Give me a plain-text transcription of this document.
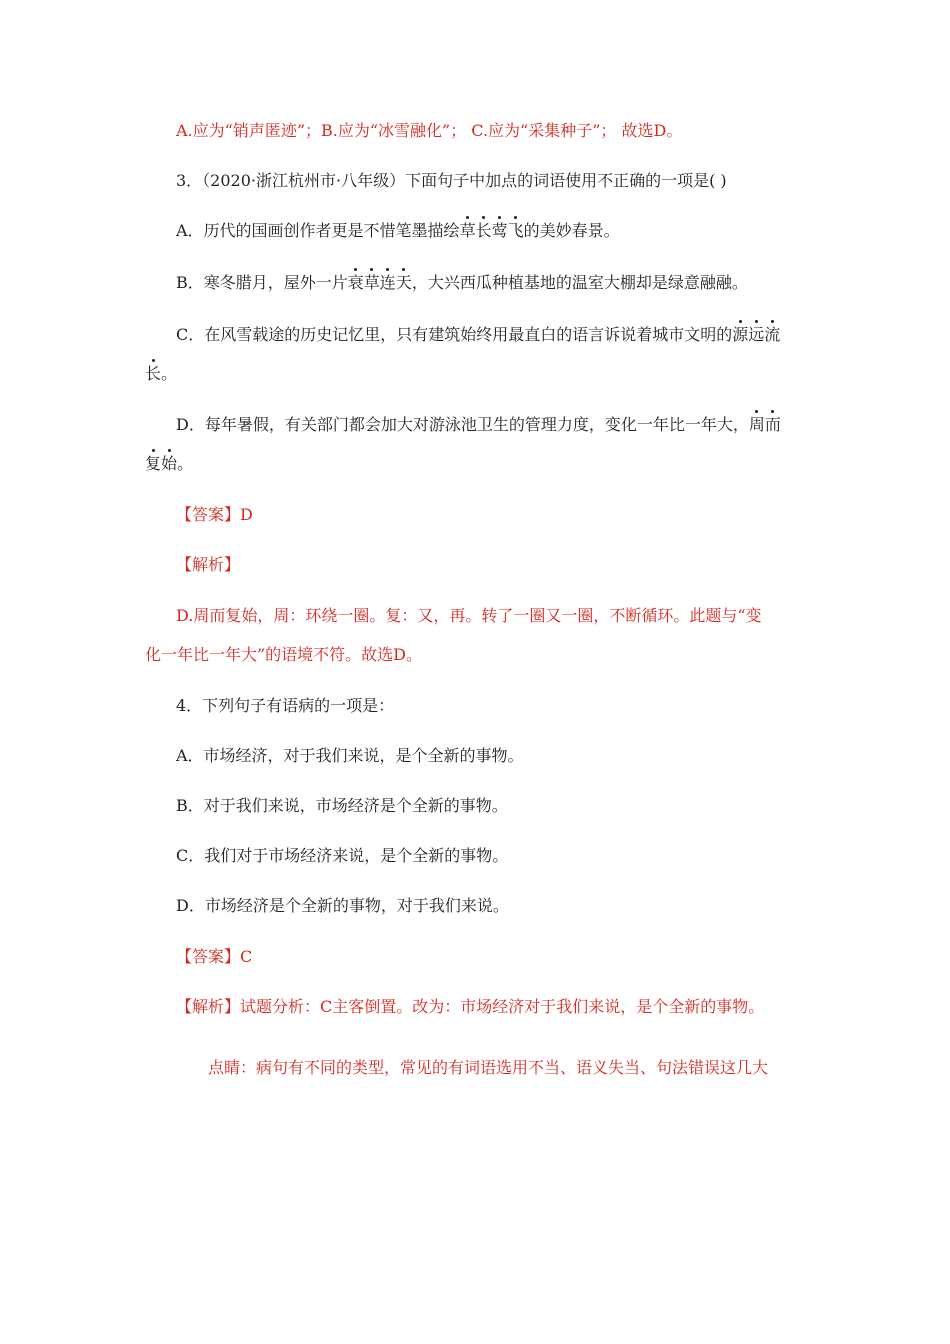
A.应为“销声匿迹”；B.应为“冰雪融化”； C.应为“采集种子”； 故选D。
3．（2020·浙江杭州市·八年级）下面句子中加点的词语使用不正确的一项是( )
A．历代的国画创作者更是不惜笔墨描绘草长莺飞的美妙春景。
B．寒冬腊月，屋外一片衰草连天，大兴西瓜种植基地的温室大棚却是绿意融融。
C．在风雪载途的历史记忆里，只有建筑始终用最直白的语言诉说着城市文明的源远流
长。
D．每年暑假，有关部门都会加大对游泳池卫生的管理力度，变化一年比一年大，周而
复始。
【答案】D
【解析】
D.周而复始，周：环绕一圈。复：又，再。转了一圈又一圈，不断循环。此题与“变
化一年比一年大”的语境不符。故选D。
4．下列句子有语病的一项是：
A．市场经济，对于我们来说，是个全新的事物。
B．对于我们来说，市场经济是个全新的事物。
C．我们对于市场经济来说，是个全新的事物。
D．市场经济是个全新的事物，对于我们来说。
【答案】C
【解析】试题分析：C主客倒置。改为：市场经济对于我们来说，是个全新的事物。
点睛：病句有不同的类型，常见的有词语选用不当、语义失当、句法错误这几大
